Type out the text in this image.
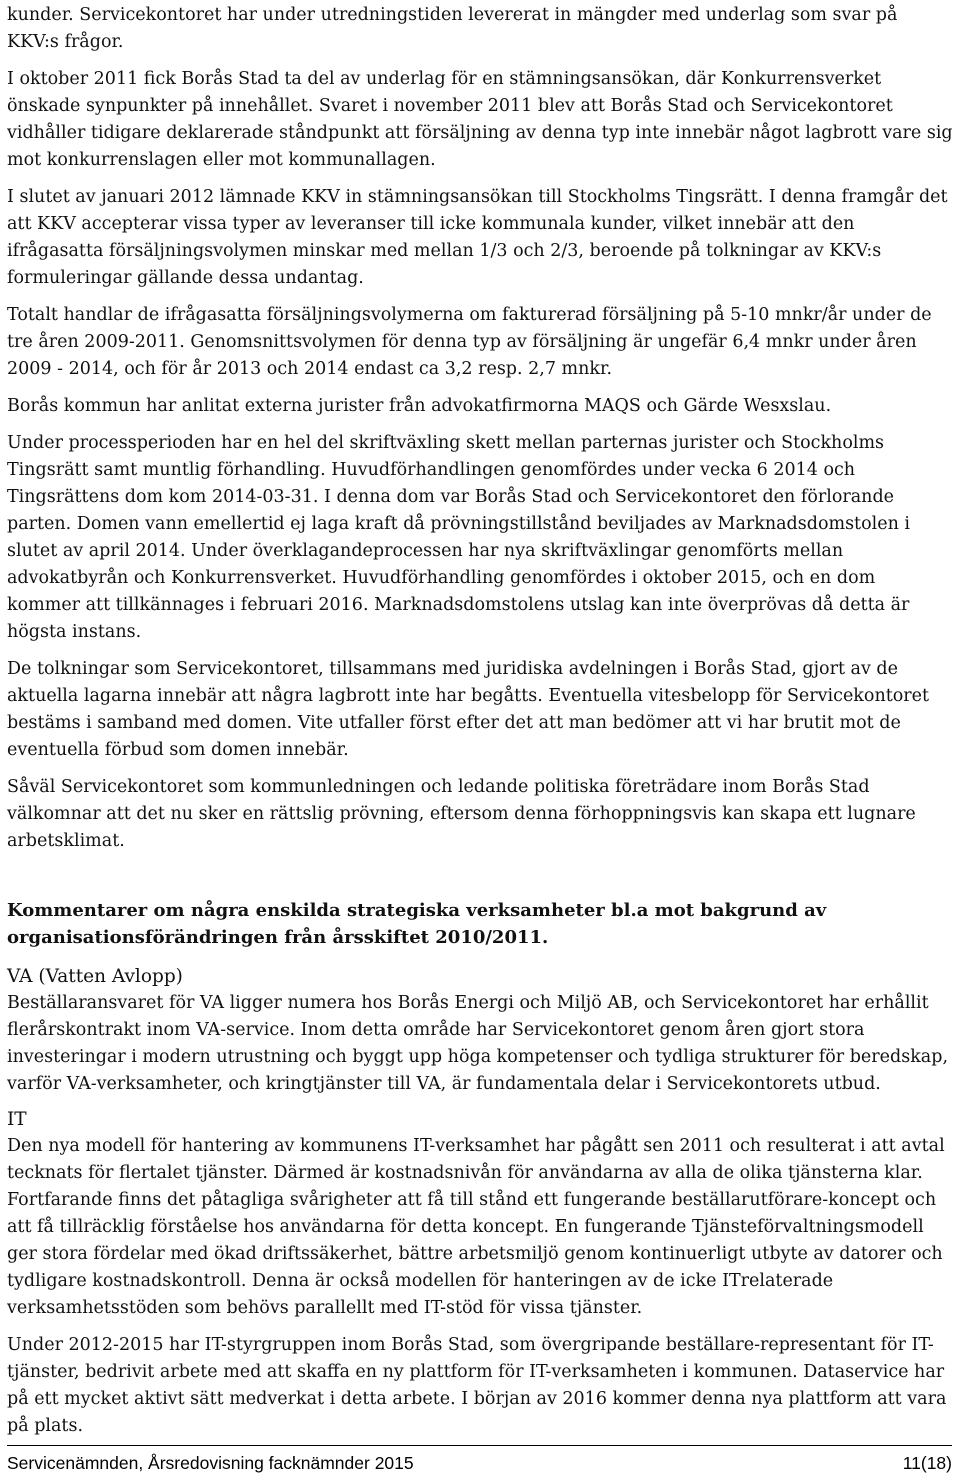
kunder. Servicekontoret har under utredningstiden levererat in mängder med underlag som svar på KKV:s frågor.

I oktober 2011 fick Borås Stad ta del av underlag för en stämningsansökan, där Konkurrensverket önskade synpunkter på innehållet. Svaret i november 2011 blev att Borås Stad och Servicekontoret vidhåller tidigare deklarerade ståndpunkt att försäljning av denna typ inte innebär något lagbrott vare sig mot konkurrenslagen eller mot kommunallagen.

I slutet av januari 2012 lämnade KKV in stämningsansökan till Stockholms Tingsrätt. I denna framgår det att KKV accepterar vissa typer av leveranser till icke kommunala kunder, vilket innebär att den ifrågasatta försäljningsvolymen minskar med mellan 1/3 och 2/3, beroende på tolkningar av KKV:s formuleringar gällande dessa undantag.

Totalt handlar de ifrågasatta försäljningsvolymerna om fakturerad försäljning på 5-10 mnkr/år under de tre åren 2009-2011. Genomsnittsvolymen för denna typ av försäljning är ungefär 6,4 mnkr under åren 2009 - 2014, och för år 2013 och 2014 endast ca 3,2 resp. 2,7 mnkr.

Borås kommun har anlitat externa jurister från advokatfirmorna MAQS och Gärde Wesxslau.

Under processperioden har en hel del skriftväxling skett mellan parternas jurister och Stockholms Tingsrätt samt muntlig förhandling. Huvudförhandlingen genomfördes under vecka 6 2014 och Tingsrättens dom kom 2014-03-31. I denna dom var Borås Stad och Servicekontoret den förlorande parten. Domen vann emellertid ej laga kraft då prövningstillstånd beviljades av Marknadsdomstolen i slutet av april 2014. Under överklagandeprocessen har nya skriftväxlingar genomförts mellan advokatbyrån och Konkurrensverket. Huvudförhandling genomfördes i oktober 2015, och en dom kommer att tillkännages i februari 2016. Marknadsdomstolens utslag kan inte överprövas då detta är högsta instans.

De tolkningar som Servicekontoret, tillsammans med juridiska avdelningen i Borås Stad, gjort av de aktuella lagarna innebär att några lagbrott inte har begåtts. Eventuella vitesbelopp för Servicekontoret bestäms i samband med domen. Vite utfaller först efter det att man bedömer att vi har brutit mot de eventuella förbud som domen innebär.

Såväl Servicekontoret som kommunledningen och ledande politiska företrädare inom Borås Stad välkomnar att det nu sker en rättslig prövning, eftersom denna förhoppningsvis kan skapa ett lugnare arbetsklimat.

Kommentarer om några enskilda strategiska verksamheter bl.a mot bakgrund av organisationsförändringen från årsskiftet 2010/2011.
VA (Vatten Avlopp)

Beställaransvaret för VA ligger numera hos Borås Energi och Miljö AB, och Servicekontoret har erhållit flerårskontrakt inom VA-service. Inom detta område har Servicekontoret genom åren gjort stora investeringar i modern utrustning och byggt upp höga kompetenser och tydliga strukturer för beredskap, varför VA-verksamheter, och kringtjänster till VA, är fundamentala delar i Servicekontorets utbud.

IT

Den nya modell för hantering av kommunens IT-verksamhet har pågått sen 2011 och resulterat i att avtal tecknats för flertalet tjänster. Därmed är kostnadsnivån för användarna av alla de olika tjänsterna klar. Fortfarande finns det påtagliga svårigheter att få till stånd ett fungerande beställarutförare-koncept och att få tillräcklig förståelse hos användarna för detta koncept. En fungerande Tjänsteförvaltningsmodell ger stora fördelar med ökad driftssäkerhet, bättre arbetsmiljö genom kontinuerligt utbyte av datorer och tydligare kostnadskontroll. Denna är också modellen för hanteringen av de icke ITrelaterade verksamhetsstöden som behövs parallellt med IT-stöd för vissa tjänster.

Under 2012-2015 har IT-styrgruppen inom Borås Stad, som övergripande beställare-representant för IT-tjänster, bedrivit arbete med att skaffa en ny plattform för IT-verksamheten i kommunen. Dataservice har på ett mycket aktivt sätt medverkat i detta arbete. I början av 2016 kommer denna nya plattform att vara på plats.

Servicenämnden, Årsredovisning facknämnder 2015	11(18)
